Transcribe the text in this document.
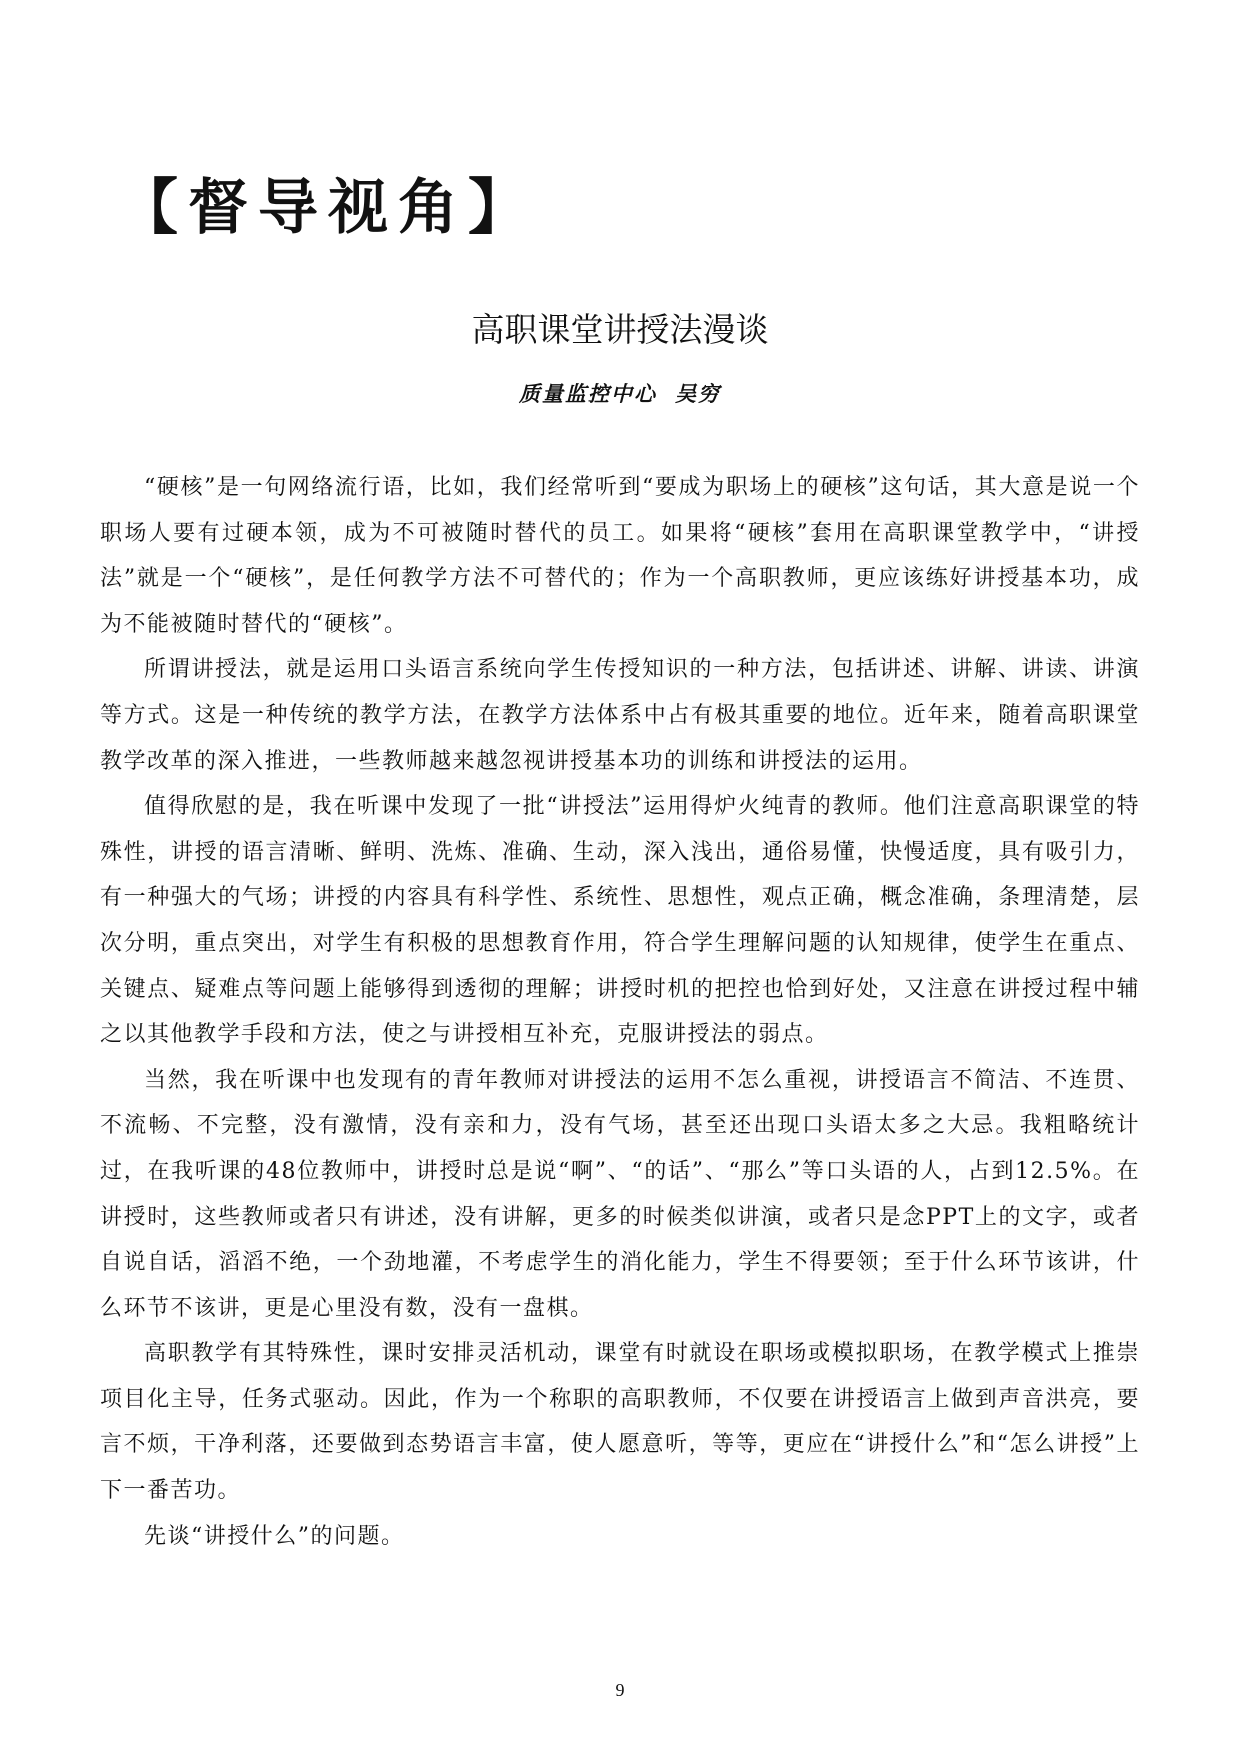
【督导视角】
高职课堂讲授法漫谈
质量监控中心 吴穷

“硬核”是一句网络流行语，比如，我们经常听到“要成为职场上的硬核”这句话，其大意是说一个职场人要有过硬本领，成为不可被随时替代的员工。如果将“硬核”套用在高职课堂教学中，“讲授法”就是一个“硬核”，是任何教学方法不可替代的；作为一个高职教师，更应该练好讲授基本功，成为不能被随时替代的“硬核”。

所谓讲授法，就是运用口头语言系统向学生传授知识的一种方法，包括讲述、讲解、讲读、讲演等方式。这是一种传统的教学方法，在教学方法体系中占有极其重要的地位。近年来，随着高职课堂教学改革的深入推进，一些教师越来越忽视讲授基本功的训练和讲授法的运用。

值得欣慰的是，我在听课中发现了一批“讲授法”运用得炉火纯青的教师。他们注意高职课堂的特殊性，讲授的语言清晰、鲜明、洗炼、准确、生动，深入浅出，通俗易懂，快慢适度，具有吸引力，有一种强大的气场；讲授的内容具有科学性、系统性、思想性，观点正确，概念准确，条理清楚，层次分明，重点突出，对学生有积极的思想教育作用，符合学生理解问题的认知规律，使学生在重点、关键点、疑难点等问题上能够得到透彻的理解；讲授时机的把控也恰到好处，又注意在讲授过程中辅之以其他教学手段和方法，使之与讲授相互补充，克服讲授法的弱点。

当然，我在听课中也发现有的青年教师对讲授法的运用不怎么重视，讲授语言不简洁、不连贯、不流畅、不完整，没有激情，没有亲和力，没有气场，甚至还出现口头语太多之大忌。我粗略统计过，在我听课的48位教师中，讲授时总是说“啊”、“的话”、“那么”等口头语的人，占到12.5%。在讲授时，这些教师或者只有讲述，没有讲解，更多的时候类似讲演，或者只是念PPT上的文字，或者自说自话，滔滔不绝，一个劲地灌，不考虑学生的消化能力，学生不得要领；至于什么环节该讲，什么环节不该讲，更是心里没有数，没有一盘棋。

高职教学有其特殊性，课时安排灵活机动，课堂有时就设在职场或模拟职场，在教学模式上推崇项目化主导，任务式驱动。因此，作为一个称职的高职教师，不仅要在讲授语言上做到声音洪亮，要言不烦，干净利落，还要做到态势语言丰富，使人愿意听，等等，更应在“讲授什么”和“怎么讲授”上下一番苦功。

先谈“讲授什么”的问题。

9
